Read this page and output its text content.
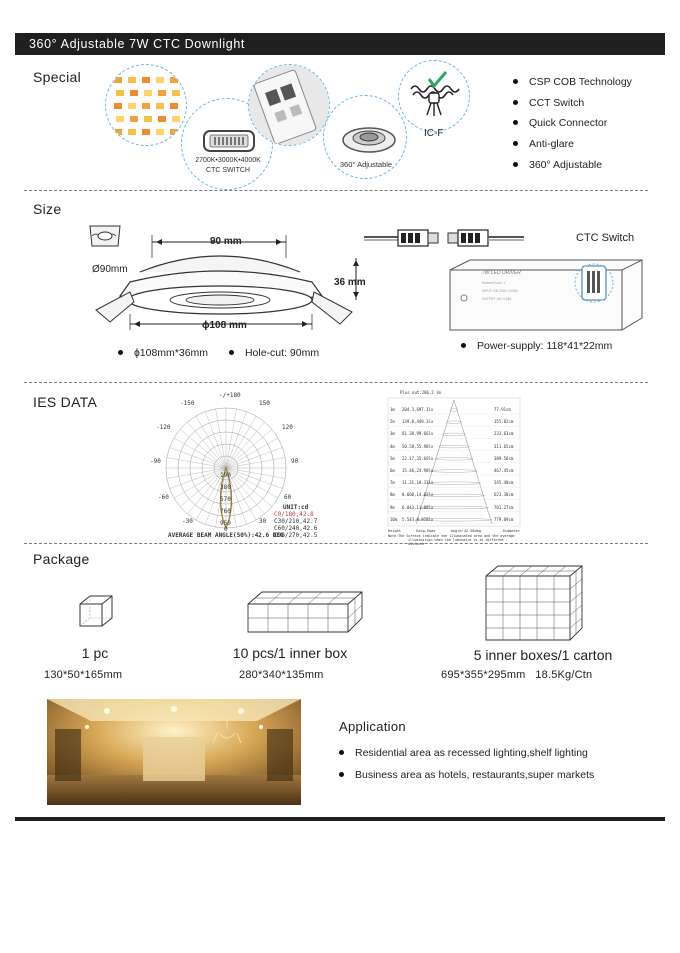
360° Adjustable 7W CTC Downlight
Special
2700K•3000K•4000K
CTC SWITCH
360° Adjustable
IC-F
CSP COB Technology
CCT Switch
Quick Connector
Anti-glare
360° Adjustable
Size
Ø90mm
90 mm
36 mm
ɸ108 mm
ɸ108mm*36mm	Hole-cut: 90mm
CTC Switch
Dimmer/Color: Y
INPUT: 100-240V 0.035A
OUTPUT: 18V 0.15A
7W LED DRIVER
Power-supply: 118*41*22mm
IES DATA	-/+180
-150	150
-120	120
-90	90
-60	60
-30	30
0
190
380
570
760
950
UNIT:cd
C0/180,42.8
C30/210,42.7
C60/240,42.6
C90/270,42.5
AVERAGE BEAM ANGLE(50%):42.6 DEG
Plus out:286.2 lm
1m 204.3,697.1lx	77.91cm
2m 139.0,449.3lx	155.82cm
3m 81.38,99.66lx	233.63cm
4m 50.58,55.98lx	311.65cm
5m 22.17,35.69lx	389.56cm
6m 15.46,24.90lx	467.45cm
7m 11.31,18.31lx	545.40cm
8m 8.660,14.02lx	623.30cm
9m 6.843,11.08lx	701.27cm
10m 5.543,8.970lx	779.09cm
Height       Eavg,Emax       Angle:42.58deg          Diameter
Note:The Surface indicate the illuminated area and the average
illumination when the luminaire is at different distance
Package
1 pc
130*50*165mm
10 pcs/1 inner box
280*340*135mm
5 inner boxes/1 carton
695*355*295mm   18.5Kg/Ctn
Application
Residential area as recessed lighting,shelf lighting
Business area as hotels, restaurants,super markets
